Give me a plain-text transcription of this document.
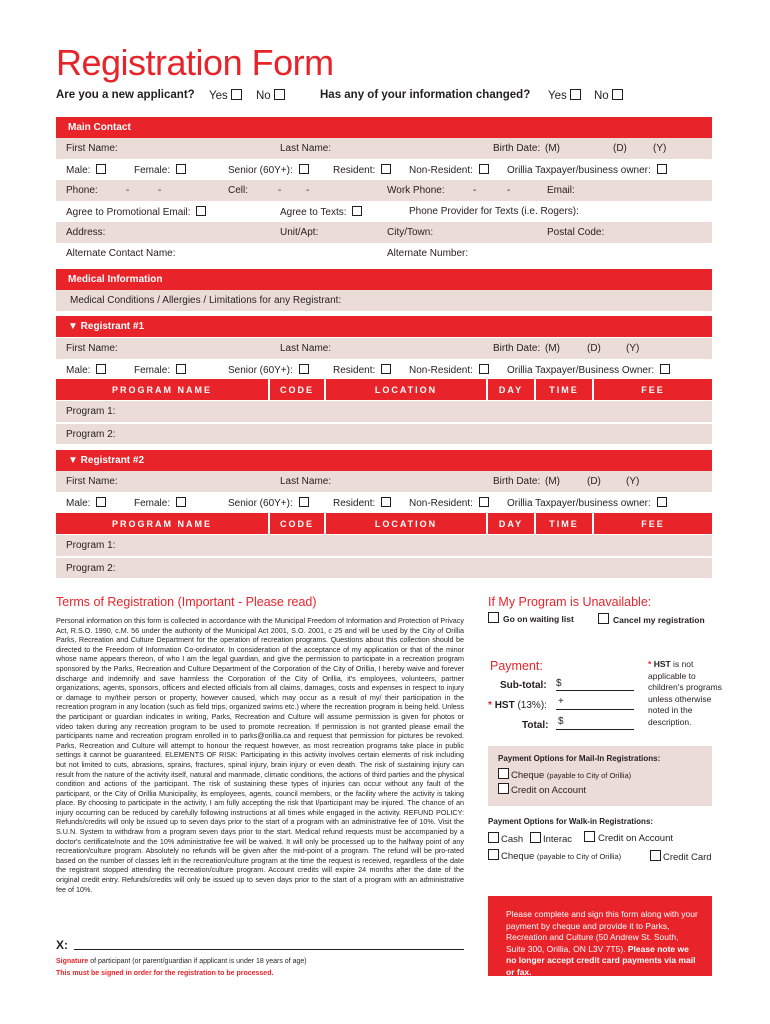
Registration Form
Are you a new applicant? Yes	No	Has any of your information changed? Yes	No
Main Contact
First Name:	Last Name:	Birth Date: (M)	(D)	(Y)
Male:	Female:	Senior (60Y+):	Resident:	Non-Resident:	Orillia Taxpayer/business owner:
Phone:	-	-	Cell:	- -	Work Phone:	-	-	Email:
Agree to Promotional Email:	Agree to Texts:	Phone Provider for Texts (i.e. Rogers):
Address:	Unit/Apt:	City/Town:	Postal Code:
Alternate Contact Name:	Alternate Number:
Medical Information
Medical Conditions / Allergies / Limitations for any Registrant:
▼ Registrant #1
First Name:	Last Name:	Birth Date: (M)	(D)	(Y)
Male:	Female:	Senior (60Y+):	Resident:	Non-Resident:	Orillia Taxpayer/Business Owner:
PROGRAM NAME	CODE	LOCATION	DAY	TIME	FEE
Program 1:
Program 2:
▼ Registrant #2
First Name:	Last Name:	Birth Date: (M)	(D)	(Y)
Male:	Female:	Senior (60Y+):	Resident:	Non-Resident:	Orillia Taxpayer/business owner:
PROGRAM NAME	CODE	LOCATION	DAY	TIME	FEE
Program 1:
Program 2:
Terms of Registration (Important - Please read)
Personal information on this form is collected in accordance with the Municipal Freedom of Information and Protection of Privacy Act, R.S.O. 1990, c.M. 56 under the authority of the Municipal Act 2001, S.O. 2001, c 25 and will be used by the City of Orillia Parks, Recreation and Culture Department for the operation of recreation programs. Questions about this collection should be directed to the Freedom of Information Co-ordinator. In consideration of the acceptance of my application or that of the minor whose name appears thereon, of who I am the legal guardian, and give the permission to participate in a recreation program sponsored by the Parks, Recreation and Culture Department of the Corporation of the City of Orillia, I hereby waive and forever discharge and indemnify and save harmless the Corporation of the City of Orillia, it's employees, volunteers, partner organizations, agents, sponsors, officers and elected officials from all claims, damages, costs and expenses in respect to injury or damage to my/their person or property, however caused, which may occur as a result of my/ their participation in the recreation program in any location (such as field trips, organized swims etc.) where the recreation program is being held. Unless the participant or guardian indicates in writing, Parks, Recreation and Culture will assume permission is given for photos or video taken during any recreation program to be used to promote recreation. If permission is not granted please email the participants name and recreation program enrolled in to parks@orillia.ca and request that permission for pictures be revoked. Parks, Recreation and Culture will attempt to honour the request however, as most recreation programs take place in public settings it cannot be guaranteed. ELEMENTS OF RISK: Participating in this activity involves certain elements of risk including but not limited to cuts, abrasions, sprains, fractures, spinal injury, brain injury or even death. The risk of sustaining injury can result from the nature of the activity itself, natural and manmade, climatic conditions, the actions of third parties and the physical condition and actions of the participant. The risk of sustaining these types of injuries can occur without any fault of the participant, or the City of Orillia Municipality, its employees, agents, council members, or the facility where the activity is taking place. By choosing to participate in the activity, I am fully accepting the risk that I/participant may be injured. The chance of an injury occurring can be reduced by carefully following instructions at all times while engaged in the activity. REFUND POLICY: Refunds/credits will only be issued up to seven days prior to the start of a program with an administrative fee of 10%. Visit the S.U.N. System to withdraw from a program seven days prior to the start. Medical refund requests must be accompanied by a doctor's certificate/note and the 10% administrative fee will be waived. It will only be processed up to the halfway point of any recreation/culture program. Absolutely no refunds will be given after the mid-point of a program. The refund will be pro-rated based on the number of classes left in the recreation/culture program at the time the request is received, regardless of the date the registrant stopped attending the recreation/culture program. Account credits will expire 24 months after the date of the original credit entry. Refunds/credits will only be issued up to seven days prior to the start of a program with an administrative fee of 10%.
X:
Signature of participant (or parent/guardian if applicant is under 18 years of age)
This must be signed in order for the registration to be processed.
If My Program is Unavailable:
Go on waiting list	Cancel my registration
Payment:
Sub-total: $
* HST (13%): +
Total: $
* HST is not applicable to children's programs unless otherwise noted in the description.
Payment Options for Mail-In Registrations:
Cheque (payable to City of Orillia)
Credit on Account
Payment Options for Walk-in Registrations:
Cash	Interac	Credit on Account
Cheque (payable to City of Orillia)	Credit Card
Please complete and sign this form along with your payment by cheque and provide it to Parks, Recreation and Culture (50 Andrew St. South, Suite 300, Orillia, ON L3V 7T5). Please note we no longer accept credit card payments via mail or fax.
